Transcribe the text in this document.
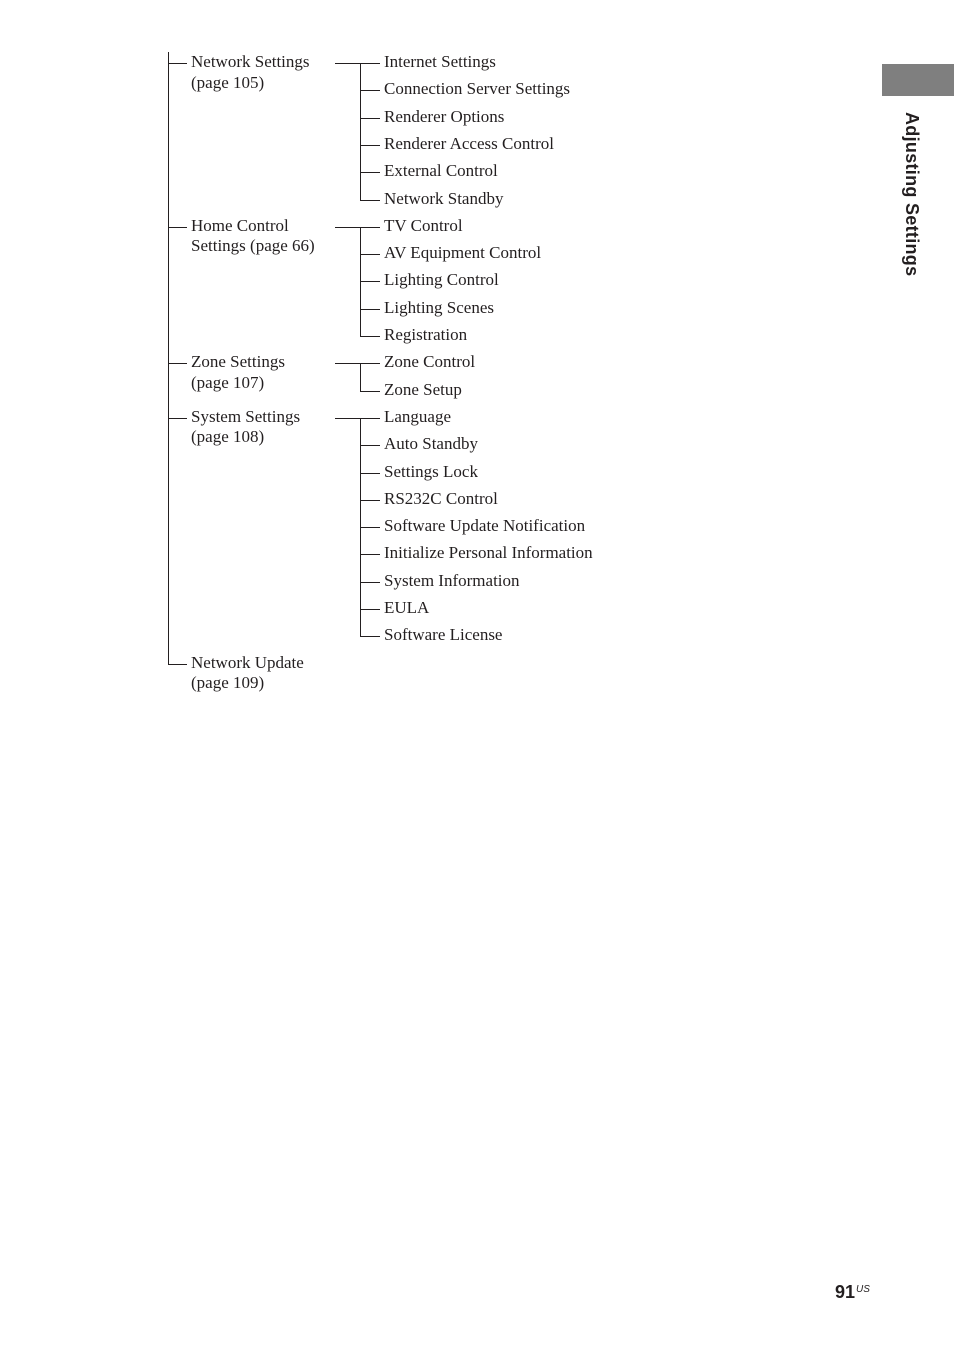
Network Settings
(page 105)
Internet Settings
Connection Server Settings
Renderer Options
Renderer Access Control
External Control
Network Standby
Home Control
Settings (page 66)
TV Control
AV Equipment Control
Lighting Control
Lighting Scenes
Registration
Zone Settings
(page 107)
Zone Control
Zone Setup
System Settings
(page 108)
Language
Auto Standby
Settings Lock
RS232C Control
Software Update Notification
Initialize Personal Information
System Information
EULA
Software License
Network Update
(page 109)
Adjusting Settings
$91^{US}$
